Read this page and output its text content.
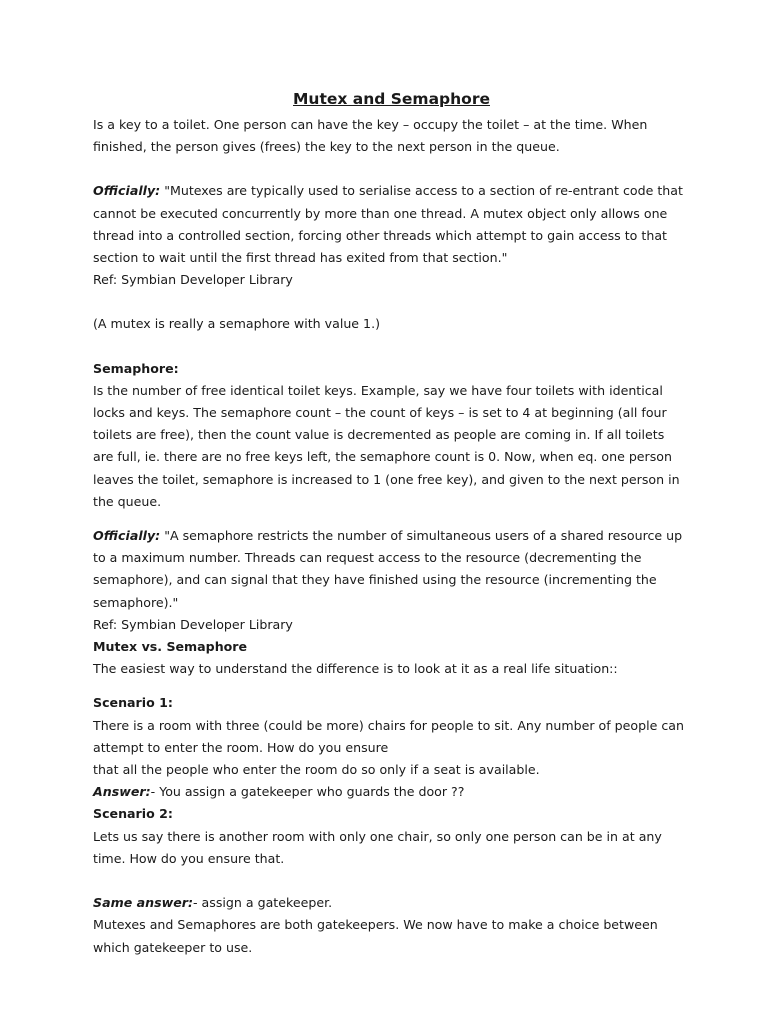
Mutex and Semaphore

Is a key to a toilet. One person can have the key – occupy the toilet – at the time. When finished, the person gives (frees) the key to the next person in the queue.

Officially: "Mutexes are typically used to serialise access to a section of re-entrant code that cannot be executed concurrently by more than one thread. A mutex object only allows one thread into a controlled section, forcing other threads which attempt to gain access to that section to wait until the first thread has exited from that section."

Ref: Symbian Developer Library

(A mutex is really a semaphore with value 1.)

Semaphore:

Is the number of free identical toilet keys. Example, say we have four toilets with identical locks and keys. The semaphore count – the count of keys – is set to 4 at beginning (all four toilets are free), then the count value is decremented as people are coming in. If all toilets are full, ie. there are no free keys left, the semaphore count is 0. Now, when eq. one person leaves the toilet, semaphore is increased to 1 (one free key), and given to the next person in the queue.

Officially: "A semaphore restricts the number of simultaneous users of a shared resource up to a maximum number. Threads can request access to the resource (decrementing the semaphore), and can signal that they have finished using the resource (incrementing the semaphore)."

Ref: Symbian Developer Library

Mutex vs. Semaphore

The easiest way to understand the difference is to look at it as a real life situation::

Scenario 1:

There is a room with three (could be more) chairs for people to sit. Any number of people can attempt to enter the room. How do you ensure

that all the people who enter the room do so only if a seat is available.

Answer:- You assign a gatekeeper who guards the door ??

Scenario 2:

Lets us say there is another room with only one chair, so only one person can be in at any time. How do you ensure that.

Same answer:- assign a gatekeeper.

Mutexes and Semaphores are both gatekeepers. We now have to make a choice between which gatekeeper to use.
